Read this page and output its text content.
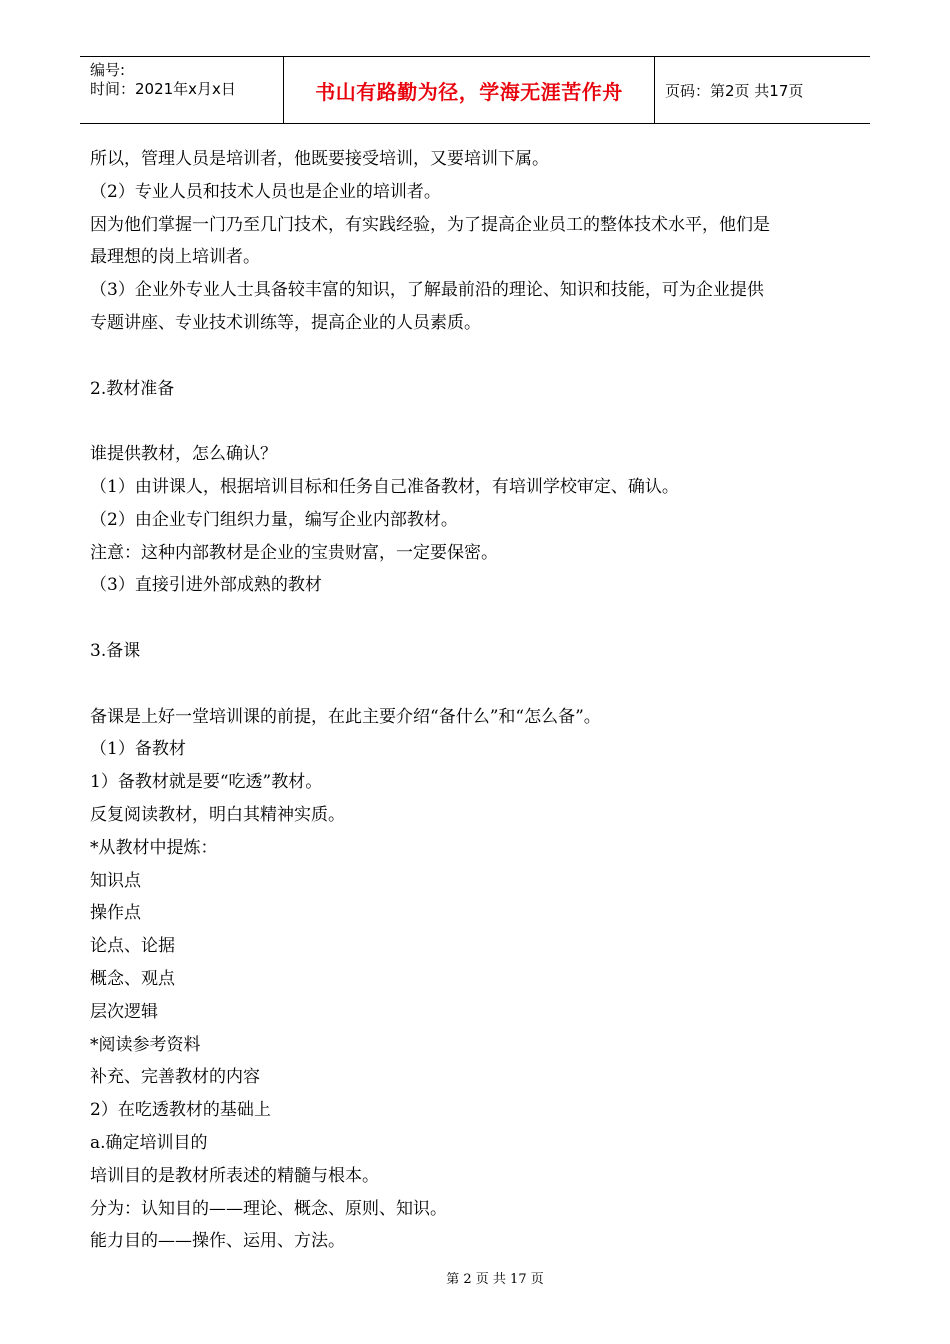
编号:
时间：2021年x月x日	书山有路勤为径，学海无涯苦作舟	页码：第2页 共17页
所以，管理人员是培训者，他既要接受培训，又要培训下属。
（2）专业人员和技术人员也是企业的培训者。
因为他们掌握一门乃至几门技术，有实践经验，为了提高企业员工的整体技术水平，他们是
最理想的岗上培训者。
（3）企业外专业人士具备较丰富的知识，了解最前沿的理论、知识和技能，可为企业提供
专题讲座、专业技术训练等，提高企业的人员素质。
2.教材准备
谁提供教材，怎么确认？
（1）由讲课人，根据培训目标和任务自己准备教材，有培训学校审定、确认。
（2）由企业专门组织力量，编写企业内部教材。
注意：这种内部教材是企业的宝贵财富，一定要保密。
（3）直接引进外部成熟的教材
3.备课
备课是上好一堂培训课的前提，在此主要介绍“备什么”和“怎么备”。
（1）备教材
1）备教材就是要“吃透”教材。
反复阅读教材，明白其精神实质。
*从教材中提炼：
知识点
操作点
论点、论据
概念、观点
层次逻辑
*阅读参考资料
补充、完善教材的内容
2）在吃透教材的基础上
a.确定培训目的
培训目的是教材所表述的精髓与根本。
分为：认知目的——理论、概念、原则、知识。
能力目的——操作、运用、方法。
第 2 页 共 17 页
